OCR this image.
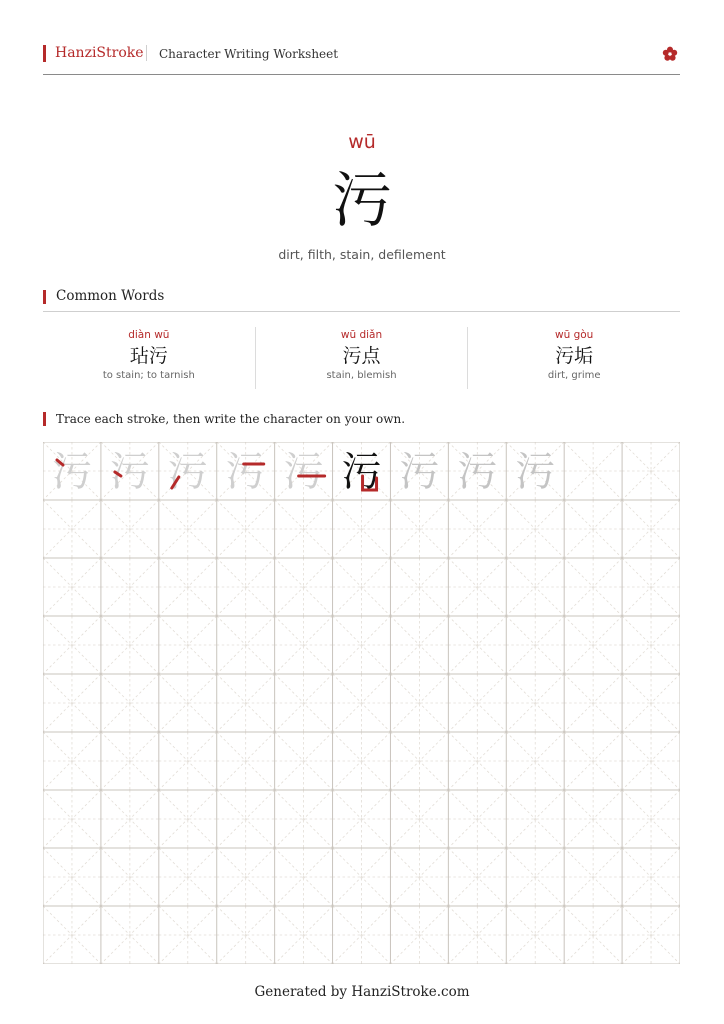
HanziStroke Character Writing Worksheet
wū
污
dirt, filth, stain, defilement
Common Words
diàn wū
玷污
to stain; to tarnish
wū diǎn
污点
stain, blemish
wū gòu
污垢
dirt, grime
Trace each stroke, then write the character on your own.
污 污 污 污 污 污 污 污 污
Generated by HanziStroke.com
